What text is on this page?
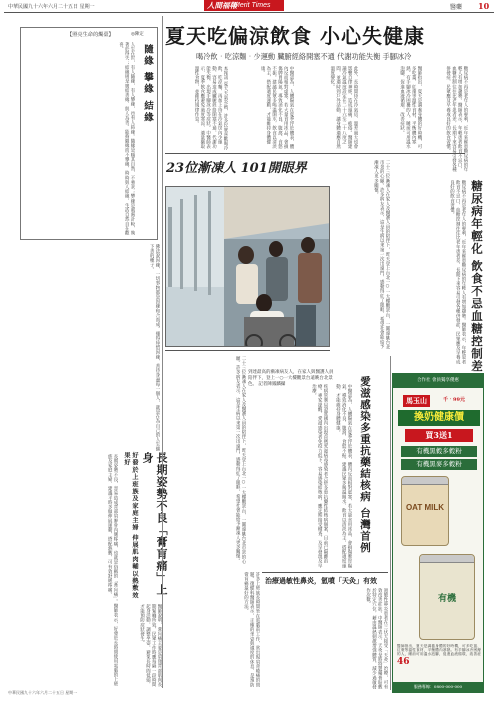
中華民國九十六年六月二十五日 星期一	人間福報
Merit Times	醫藥 10
夏天吃偏涼飲食 小心失健康
喝冷飲‧吃涼麵‧少運動 臟腑經絡開塞不通 代謝功能失衡 手腳冰冷
【照亮生命的燭臺】	◎陳定
隨緣 攀緣 結緣
人生在世，有人隨緣，有人攀緣，也有人結緣。隨緣是順其自然，不強求；攀緣是處處計較，執著於得失；結緣則是廣結善緣，與人為善。能夠隨緣而不攀緣，時時與人結緣，生活自然自在歡喜。
佛法說因緣，一切事物都是因緣和合而成。懂得珍惜因緣，善待身邊每一個人，就是在為自己的人生播下善的種子。
本報訊 夏天天氣炎熱，許多民眾喜歡喝冷飲、吃涼麵，再加上待在冷氣房內少運動，容易造成臟腑經絡開塞不通，代謝功能失衡，出現手腳冰冷等症狀。中醫師表示，夏季飲食應避免過度寒涼，適量攝取溫性食物，並維持規律作息。	中醫認為，人體陽氣在夏季浮於體表，體內反而相對虛寒，若大量食用冰品，會損傷脾胃陽氣，導致消化不良、腹瀉、食慾不振。建議民眾多喝溫開水，飲食以清淡為主，搭配適度運動，才能維持身體健康。	此外，長時間待在冷氣房，溫差過大也會影響自律神經，造成頭痛、疲倦。醫師建議冷氣溫度設定在二十六至二十八度之間，並適時到戶外活動，讓身體適應自然溫度變化。	醫師指出，夏天是調養身體的好時機，可多吃薑、紅棗等溫性食材，平衡體內寒熱。有手腳冰冷困擾的人，睡前可用溫水泡腳，促進血液循環，改善症狀。	糖尿病不再是老年人的專利，近年來罹患糖尿病的年輕人有增加趨勢。醫師表示，年輕患者飲食不忌口，血糖控制往往比老年患者差，長期下來容易引發各種併發症，民眾應及早養成良好的飲食習慣。
23位漸凍人 101開眼界	二十三位漸凍人在家人及醫護人員的陪伴下，昨天登上台北一○一大樓觀景台，一圓遠眺台北市景的心願。許多病友表示，這是生病以來第一次出遠門，感動得紅了眼眶，希望社會能給予漸凍人更多關懷。
糖尿病年輕化 飲食不忌血糖控制差
糖尿病不再是老年人的專利，近年來罹患糖尿病的年輕人有增加趨勢。醫師表示，年輕患者飲食不忌口，血糖控制往往比老年患者差，長期下來容易引發各種併發症，民眾應及早養成良好的飲食習慣。
到達最高的漸凍病友人，在家人與醫護人員陪伴下，登上一○一大樓觀景台遠眺台北景色。 記者陳鳳麟攝
二十三位漸凍人在家人及醫護人員的陪伴下，昨天登上台北一○一大樓觀景台，一圓遠眺台北市景的心願。許多病友表示，這是生病以來第一次出遠門，感動得紅了眼眶，希望社會能給予漸凍人更多關懷。	疾病管制局證實國內出現首例愛滋病毒感染者合併多重抗藥性結核病個案，目前已隔離治療。專家提醒，愛滋感染者免疫力低下，容易感染結核病，應定期接受檢查，及早發現及早治療。	中醫認為，人體陽氣在夏季浮於體表，體內反而相對虛寒，若大量食用冰品，會損傷脾胃陽氣，導致消化不良、腹瀉、食慾不振。建議民眾多喝溫開水，飲食以清淡為主，搭配適度運動，才能維持身體健康。	愛滋感染多重抗藥結核病 台灣首例
長期姿勢不良「膏肓痛」上身
好發於上班族及家庭主婦 伸展肌肉輔以熱敷效果好
長期姿勢不良，容易造成背部肩胛骨內側疼痛，也就是俗稱的「膏肓痛」。醫師表示，好發於長時間使用電腦的上班族及家庭主婦，建議平時多做伸展運動，搭配熱敷，可有效舒緩疼痛。
醫師說明，膏肓痛主要是肩頸背部肌肉長期緊繃所致，民眾工作時應每隔一段時間起身活動，調整坐姿，避免長時間低頭，才能預防症狀發生。	許多上班族長時間坐在電腦前工作，常出現肩背痠痛的問題。復健科醫師表示，正確的坐姿與適度的休息，是預防膏肓痛最好的方法。	治療過敏性鼻炎，氫噴「天灸」有效
過敏性鼻炎患者在三伏天接受「天灸」治療，可有效改善症狀。中醫師表示，天灸是將特製藥膏貼敷於特定穴位，藉由溫熱刺激增強體質，減少過敏發作次數。
合作社 會員獨享優惠
馬玉山	千‧99元
換奶健康價
買3送1
有機黑穀多穀粉
有機黑麥多穀粉
OAT MILK
有機
46
醫師指出，夏天是調養身體的好時機，可多吃薑、紅棗等溫性食材，平衡體內寒熱。有手腳冰冷困擾的人，睡前可用溫水泡腳，促進血液循環，改善症
服務專線：0800-000-000
中華民國九十六年六月二十五日 星期一
